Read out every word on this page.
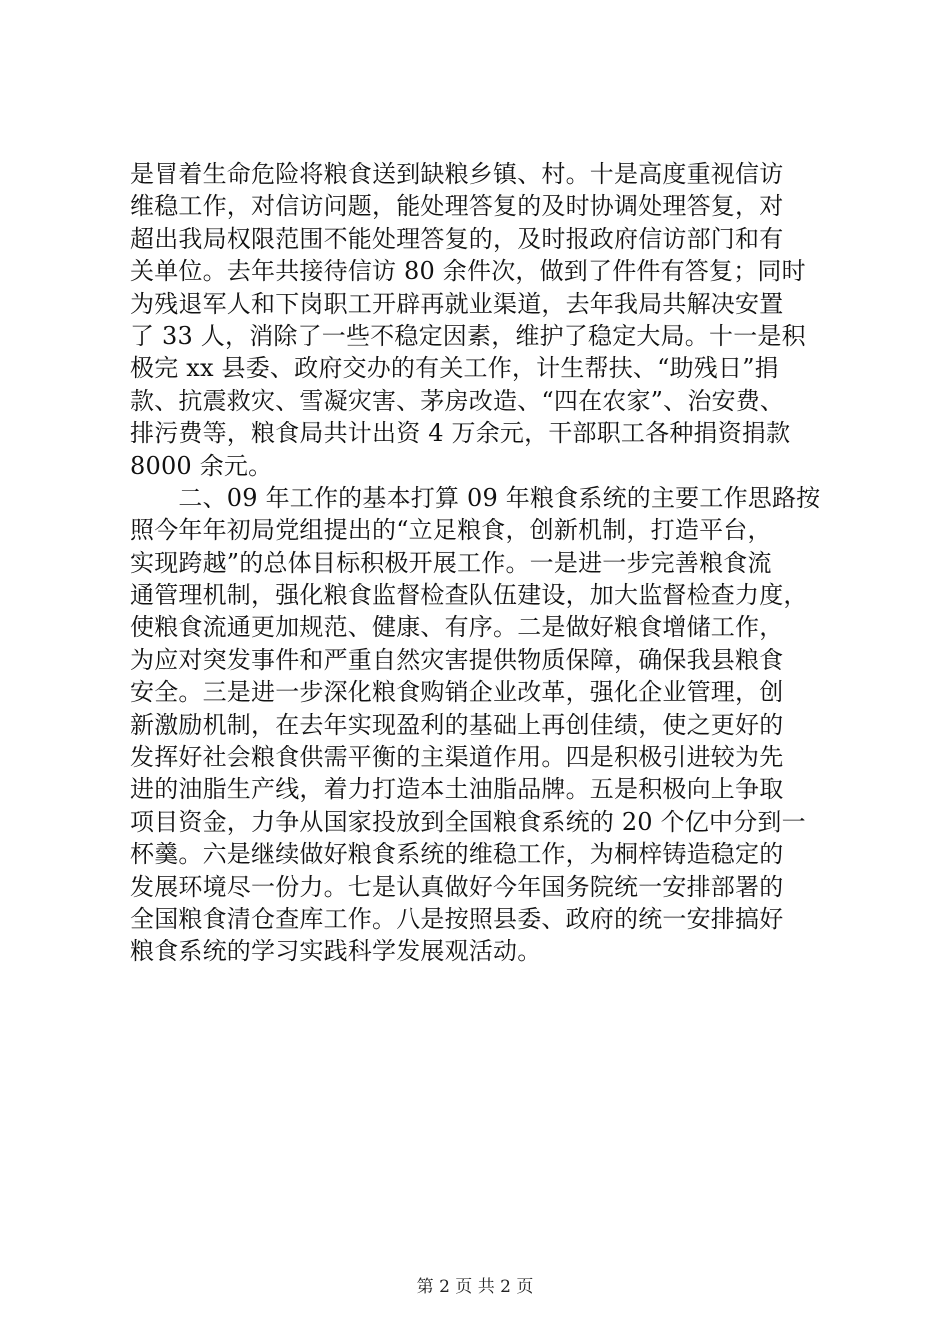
是冒着生命危险将粮食送到缺粮乡镇、村。十是高度重视信访
维稳工作，对信访问题，能处理答复的及时协调处理答复，对
超出我局权限范围不能处理答复的，及时报政府信访部门和有
关单位。去年共接待信访 80 余件次，做到了件件有答复；同时
为残退军人和下岗职工开辟再就业渠道，去年我局共解决安置
了 33 人，消除了一些不稳定因素，维护了稳定大局。十一是积
极完 xx 县委、政府交办的有关工作，计生帮扶、“助残日”捐
款、抗震救灾、雪凝灾害、茅房改造、“四在农家”、治安费、
排污费等，粮食局共计出资 4 万余元，干部职工各种捐资捐款
8000 余元。
　　二、09 年工作的基本打算 09 年粮食系统的主要工作思路按
照今年年初局党组提出的“立足粮食，创新机制，打造平台，
实现跨越”的总体目标积极开展工作。一是进一步完善粮食流
通管理机制，强化粮食监督检查队伍建设，加大监督检查力度，
使粮食流通更加规范、健康、有序。二是做好粮食增储工作，
为应对突发事件和严重自然灾害提供物质保障，确保我县粮食
安全。三是进一步深化粮食购销企业改革，强化企业管理，创
新激励机制，在去年实现盈利的基础上再创佳绩，使之更好的
发挥好社会粮食供需平衡的主渠道作用。四是积极引进较为先
进的油脂生产线，着力打造本土油脂品牌。五是积极向上争取
项目资金，力争从国家投放到全国粮食系统的 20 个亿中分到一
杯羹。六是继续做好粮食系统的维稳工作，为桐梓铸造稳定的
发展环境尽一份力。七是认真做好今年国务院统一安排部署的
全国粮食清仓查库工作。八是按照县委、政府的统一安排搞好
粮食系统的学习实践科学发展观活动。
第 2 页 共 2 页
